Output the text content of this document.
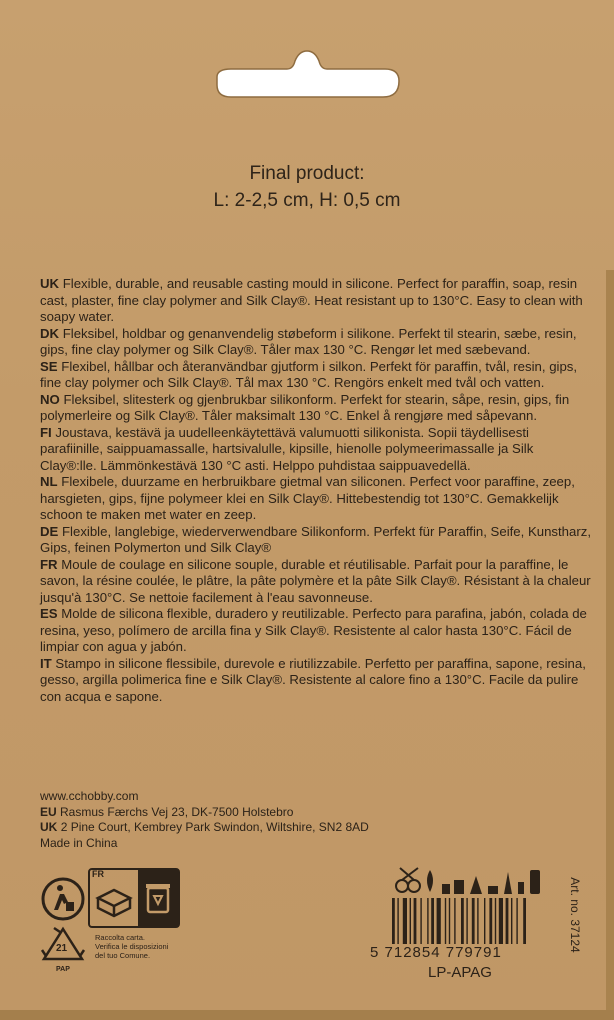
Final product:
L: 2-2,5 cm, H: 0,5 cm

UK Flexible, durable, and reusable casting mould in silicone. Perfect for paraffin, soap, resin cast, plaster, fine clay polymer and Silk Clay®. Heat resistant up to 130°C. Easy to clean with soapy water.

DK Fleksibel, holdbar og genanvendelig støbeform i silikone. Perfekt til stearin, sæbe, resin, gips, fine clay polymer og Silk Clay®. Tåler max 130 °C. Rengør let med sæbevand.

SE Flexibel, hållbar och återanvändbar gjutform i silkon. Perfekt för paraffin, tvål, resin, gips, fine clay polymer och Silk Clay®. Tål max 130 °C. Rengörs enkelt med tvål och vatten.

NO Fleksibel, slitesterk og gjenbrukbar silikonform. Perfekt for stearin, såpe, resin, gips, fin polymerleire og Silk Clay®. Tåler maksimalt 130 °C. Enkel å rengjøre med såpevann.

FI Joustava, kestävä ja uudelleenkäytettävä valumuotti silikonista. Sopii täydellisesti parafiinille, saippuamassalle, hartsivalulle, kipsille, hienolle polymeerimassalle ja Silk Clay®:lle. Lämmönkestävä 130 °C asti. Helppo puhdistaa saippuavedellä.

NL Flexibele, duurzame en herbruikbare gietmal van siliconen. Perfect voor paraffine, zeep, harsgieten, gips, fijne polymeer klei en Silk Clay®. Hittebestendig tot 130°C. Gemakkelijk schoon te maken met water en zeep.

DE Flexible, langlebige, wiederverwendbare Silikonform. Perfekt für Paraffin, Seife, Kunstharz, Gips, feinen Polymerton und Silk Clay®

FR Moule de coulage en silicone souple, durable et réutilisable. Parfait pour la paraffine, le savon, la résine coulée, le plâtre, la pâte polymère et la pâte Silk Clay®. Résistant à la chaleur jusqu'à 130°C. Se nettoie facilement à l'eau savonneuse.

ES Molde de silicona flexible, duradero y reutilizable. Perfecto para parafina, jabón, colada de resina, yeso, polímero de arcilla fina y Silk Clay®. Resistente al calor hasta 130°C. Fácil de limpiar con agua y jabón.

IT Stampo in silicone flessibile, durevole e riutilizzabile. Perfetto per paraffina, sapone, resina, gesso, argilla polimerica fine e Silk Clay®. Resistente al calore fino a 130°C. Facile da pulire con acqua e sapone.

www.cchobby.com

EU Rasmus Færchs Vej 23, DK-7500 Holstebro

UK 2 Pine Court, Kembrey Park Swindon, Wiltshire, SN2 8AD

Made in China

FR
21
PAP
Raccolta carta.
Verifica le disposizioni
del tuo Comune.	5 712854 779791
LP-APAG
Art. no. 37124
